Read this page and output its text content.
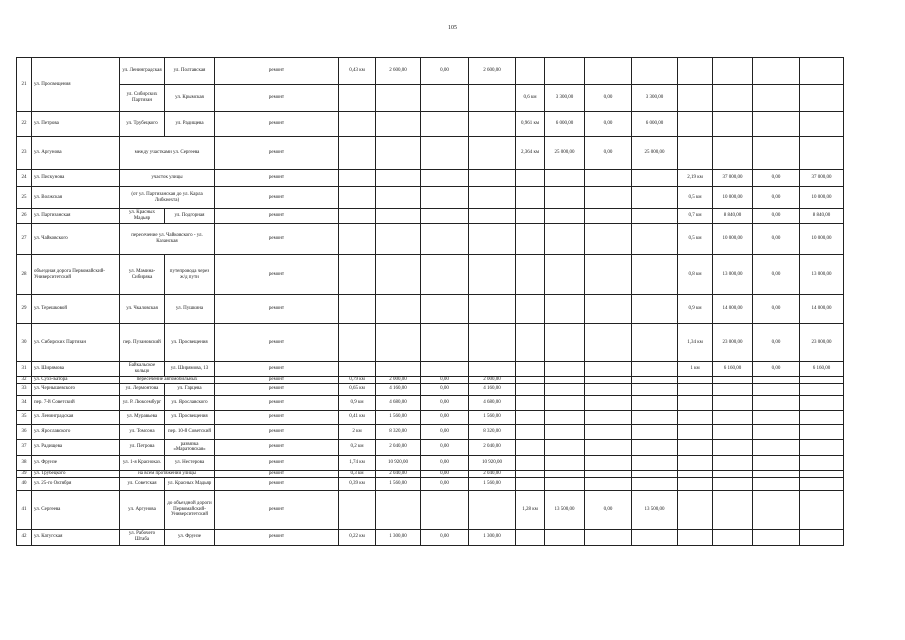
105
21	ул. Просвещения	ул. Ленинградская	ул. Полтавская	ремонт	0,43 км	2 600,00	0,00	2 600,00								
		ул. Сибирских Партизан	ул. Крымская	ремонт					0,6 км	3 300,00	0,00	3 300,00				
22	ул. Петрова	ул. Трубецкого	ул. Радищева	ремонт					0,961 км	6 000,00	0,00	6 000,00				
23	ул. Аргунова	между участками ул. Сергеева		ремонт					2,364 км	25 000,00	0,00	25 000,00				
24	ул. Пискунова	участок улицы		ремонт									2,19 км	37 000,00	0,00	37 000,00
25	ул. Волжская	(от ул. Партизанская до ул. Карла Либкнехта)		ремонт									0,5 км	10 000,00	0,00	10 000,00
26	ул. Партизанская	ул. Красных Мадьяр	ул. Подгорная	ремонт									0,7 км	8 840,00	0,00	8 840,00
27	ул. Чайковского	пересечение ул. Чайковского - ул. Казанская		ремонт									0,5 км	10 000,00	0,00	10 000,00
28	объездная дорога Первомайский-Университетский	ул. Мамина-Сибиряка	путепровода через ж/д пути	ремонт									0,8 км	13 000,00	0,00	13 000,00
29	ул. Терешковой	ул. Чкаловская	ул. Пушкина	ремонт									0,9 км	14 000,00	0,00	14 000,00
30	ул. Сибирских Партизан	пер. Пузановский	ул. Просвещения	ремонт									1,34 км	23 000,00	0,00	23 000,00
31	ул. Ширямова	Байкальское кольцо	ул. Ширямова, 13	ремонт									1 км	6 160,00	0,00	6 160,00
32	ул. Сухэ-Батора	пересечение автомобильных		ремонт	0,79 км	2 000,00	0,00	2 000,00								
33	ул. Чернышевского	ул. Лермонтова	ул. Гарцева	ремонт	0,65 км	4 160,00	0,00	4 160,00								
34	пер. 7-й Советский	ул. Р. Люксембург	ул. Ярославского	ремонт	0,9 км	4 680,00	0,00	4 680,00								
35	ул. Ленинградская	ул. Муравьева	ул. Просвещения	ремонт	0,41 км	1 560,00	0,00	1 560,00								
36	ул. Ярославского	ул. Томсона	пер. 10-й Советский	ремонт	2 км	8 320,00	0,00	8 320,00								
37	ул. Радищева	ул. Петрова	развязка «Маратовская»	ремонт	0,2 км	2 040,00	0,00	2 040,00								
38	ул. Фрунзе	ул. 1-я Красноказ.	ул. Нестерова	ремонт	1,74 км	10 920,00	0,00	10 920,00								
39	ул. Трубецкого	на всем протяжении улицы		ремонт	0,3 км	2 040,00	0,00	2 040,00								
40	ул. 25-го Октября	ул. Советская	ул. Красных Мадьяр	ремонт	0,39 км	1 560,00	0,00	1 560,00								
41	ул. Сергеева	ул. Аргунова	до объездной дороги Первомайский-Университетский	ремонт					1,28 км	13 500,00	0,00	13 500,00				
42	ул. Катугская	ул. Рабочего Штаба	ул. Фрунзе	ремонт	0,22 км	1 300,00	0,00	1 300,00								
